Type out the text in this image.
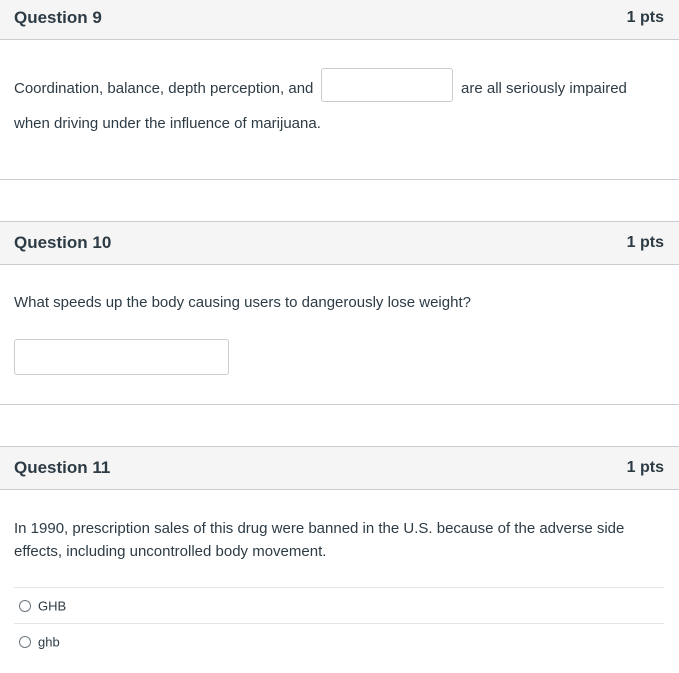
Question 9	1 pts
Coordination, balance, depth perception, and	are all seriously impaired
when driving under the influence of marijuana.
Question 10	1 pts
What speeds up the body causing users to dangerously lose weight?
Question 11	1 pts
In 1990, prescription sales of this drug were banned in the U.S. because of the adverse side
effects, including uncontrolled body movement.
GHB
ghb
